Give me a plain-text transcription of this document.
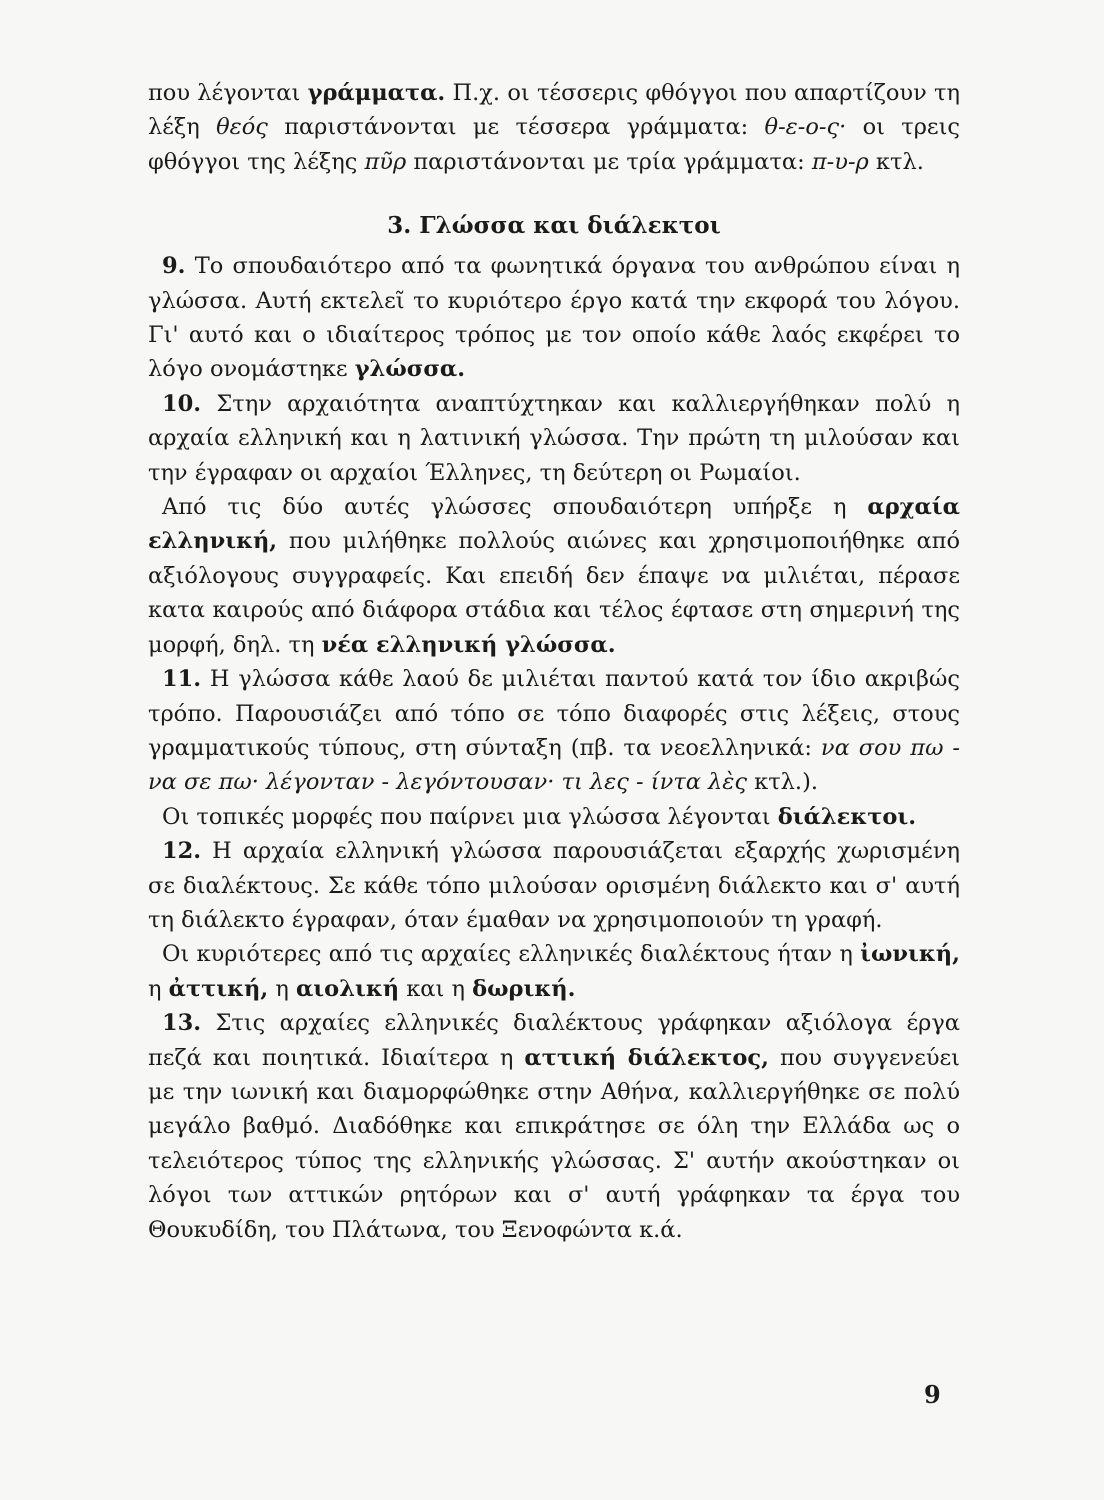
που λέγονται γράμματα. Π.χ. οι τέσσερις φθόγγοι που απαρτίζουν τη λέξη θεός παριστάνονται με τέσσερα γράμματα: θ-ε-ο-ς· οι τρεις φθόγγοι της λέξης πῦρ παριστάνονται με τρία γράμματα: π-υ-ρ κτλ.

3. Γλώσσα και διάλεκτοι

9. Το σπουδαιότερο από τα φωνητικά όργανα του ανθρώπου είναι η γλώσσα. Αυτή εκτελεῖ το κυριότερο έργο κατά την εκφορά του λόγου. Γι' αυτό και ο ιδιαίτερος τρόπος με τον οποίο κάθε λαός εκφέρει το λόγο ονομάστηκε γλώσσα.

10. Στην αρχαιότητα αναπτύχτηκαν και καλλιεργήθηκαν πολύ η αρχαία ελληνική και η λατινική γλώσσα. Την πρώτη τη μιλούσαν και την έγραφαν οι αρχαίοι Έλληνες, τη δεύτερη οι Ρωμαίοι.

Από τις δύο αυτές γλώσσες σπουδαιότερη υπήρξε η αρχαία ελληνική, που μιλήθηκε πολλούς αιώνες και χρησιμοποιήθηκε από αξιόλογους συγγραφείς. Και επειδή δεν έπαψε να μιλιέται, πέρασε κατα καιρούς από διάφορα στάδια και τέλος έφτασε στη σημερινή της μορφή, δηλ. τη νέα ελληνική γλώσσα.

11. Η γλώσσα κάθε λαού δε μιλιέται παντού κατά τον ίδιο ακριβώς τρόπο. Παρουσιάζει από τόπο σε τόπο διαφορές στις λέξεις, στους γραμματικούς τύπους, στη σύνταξη (πβ. τα νεοελληνικά: να σου πω - να σε πω· λέγονταν - λεγόντουσαν· τι λες - ίντα λὲς κτλ.).

Οι τοπικές μορφές που παίρνει μια γλώσσα λέγονται διάλεκτοι.

12. Η αρχαία ελληνική γλώσσα παρουσιάζεται εξαρχής χωρισμένη σε διαλέκτους. Σε κάθε τόπο μιλούσαν ορισμένη διάλεκτο και σ' αυτή τη διάλεκτο έγραφαν, όταν έμαθαν να χρησιμοποιούν τη γραφή.

Οι κυριότερες από τις αρχαίες ελληνικές διαλέκτους ήταν η ἰωνική, η ἀττική, η αιολική και η δωρική.

13. Στις αρχαίες ελληνικές διαλέκτους γράφηκαν αξιόλογα έργα πεζά και ποιητικά. Ιδιαίτερα η αττική διάλεκτος, που συγγενεύει με την ιωνική και διαμορφώθηκε στην Αθήνα, καλλιεργήθηκε σε πολύ μεγάλο βαθμό. Διαδόθηκε και επικράτησε σε όλη την Ελλάδα ως ο τελειότερος τύπος της ελληνικής γλώσσας. Σ' αυτήν ακούστηκαν οι λόγοι των αττικών ρητόρων και σ' αυτή γράφηκαν τα έργα του Θουκυδίδη, του Πλάτωνα, του Ξενοφώντα κ.ά.

9
